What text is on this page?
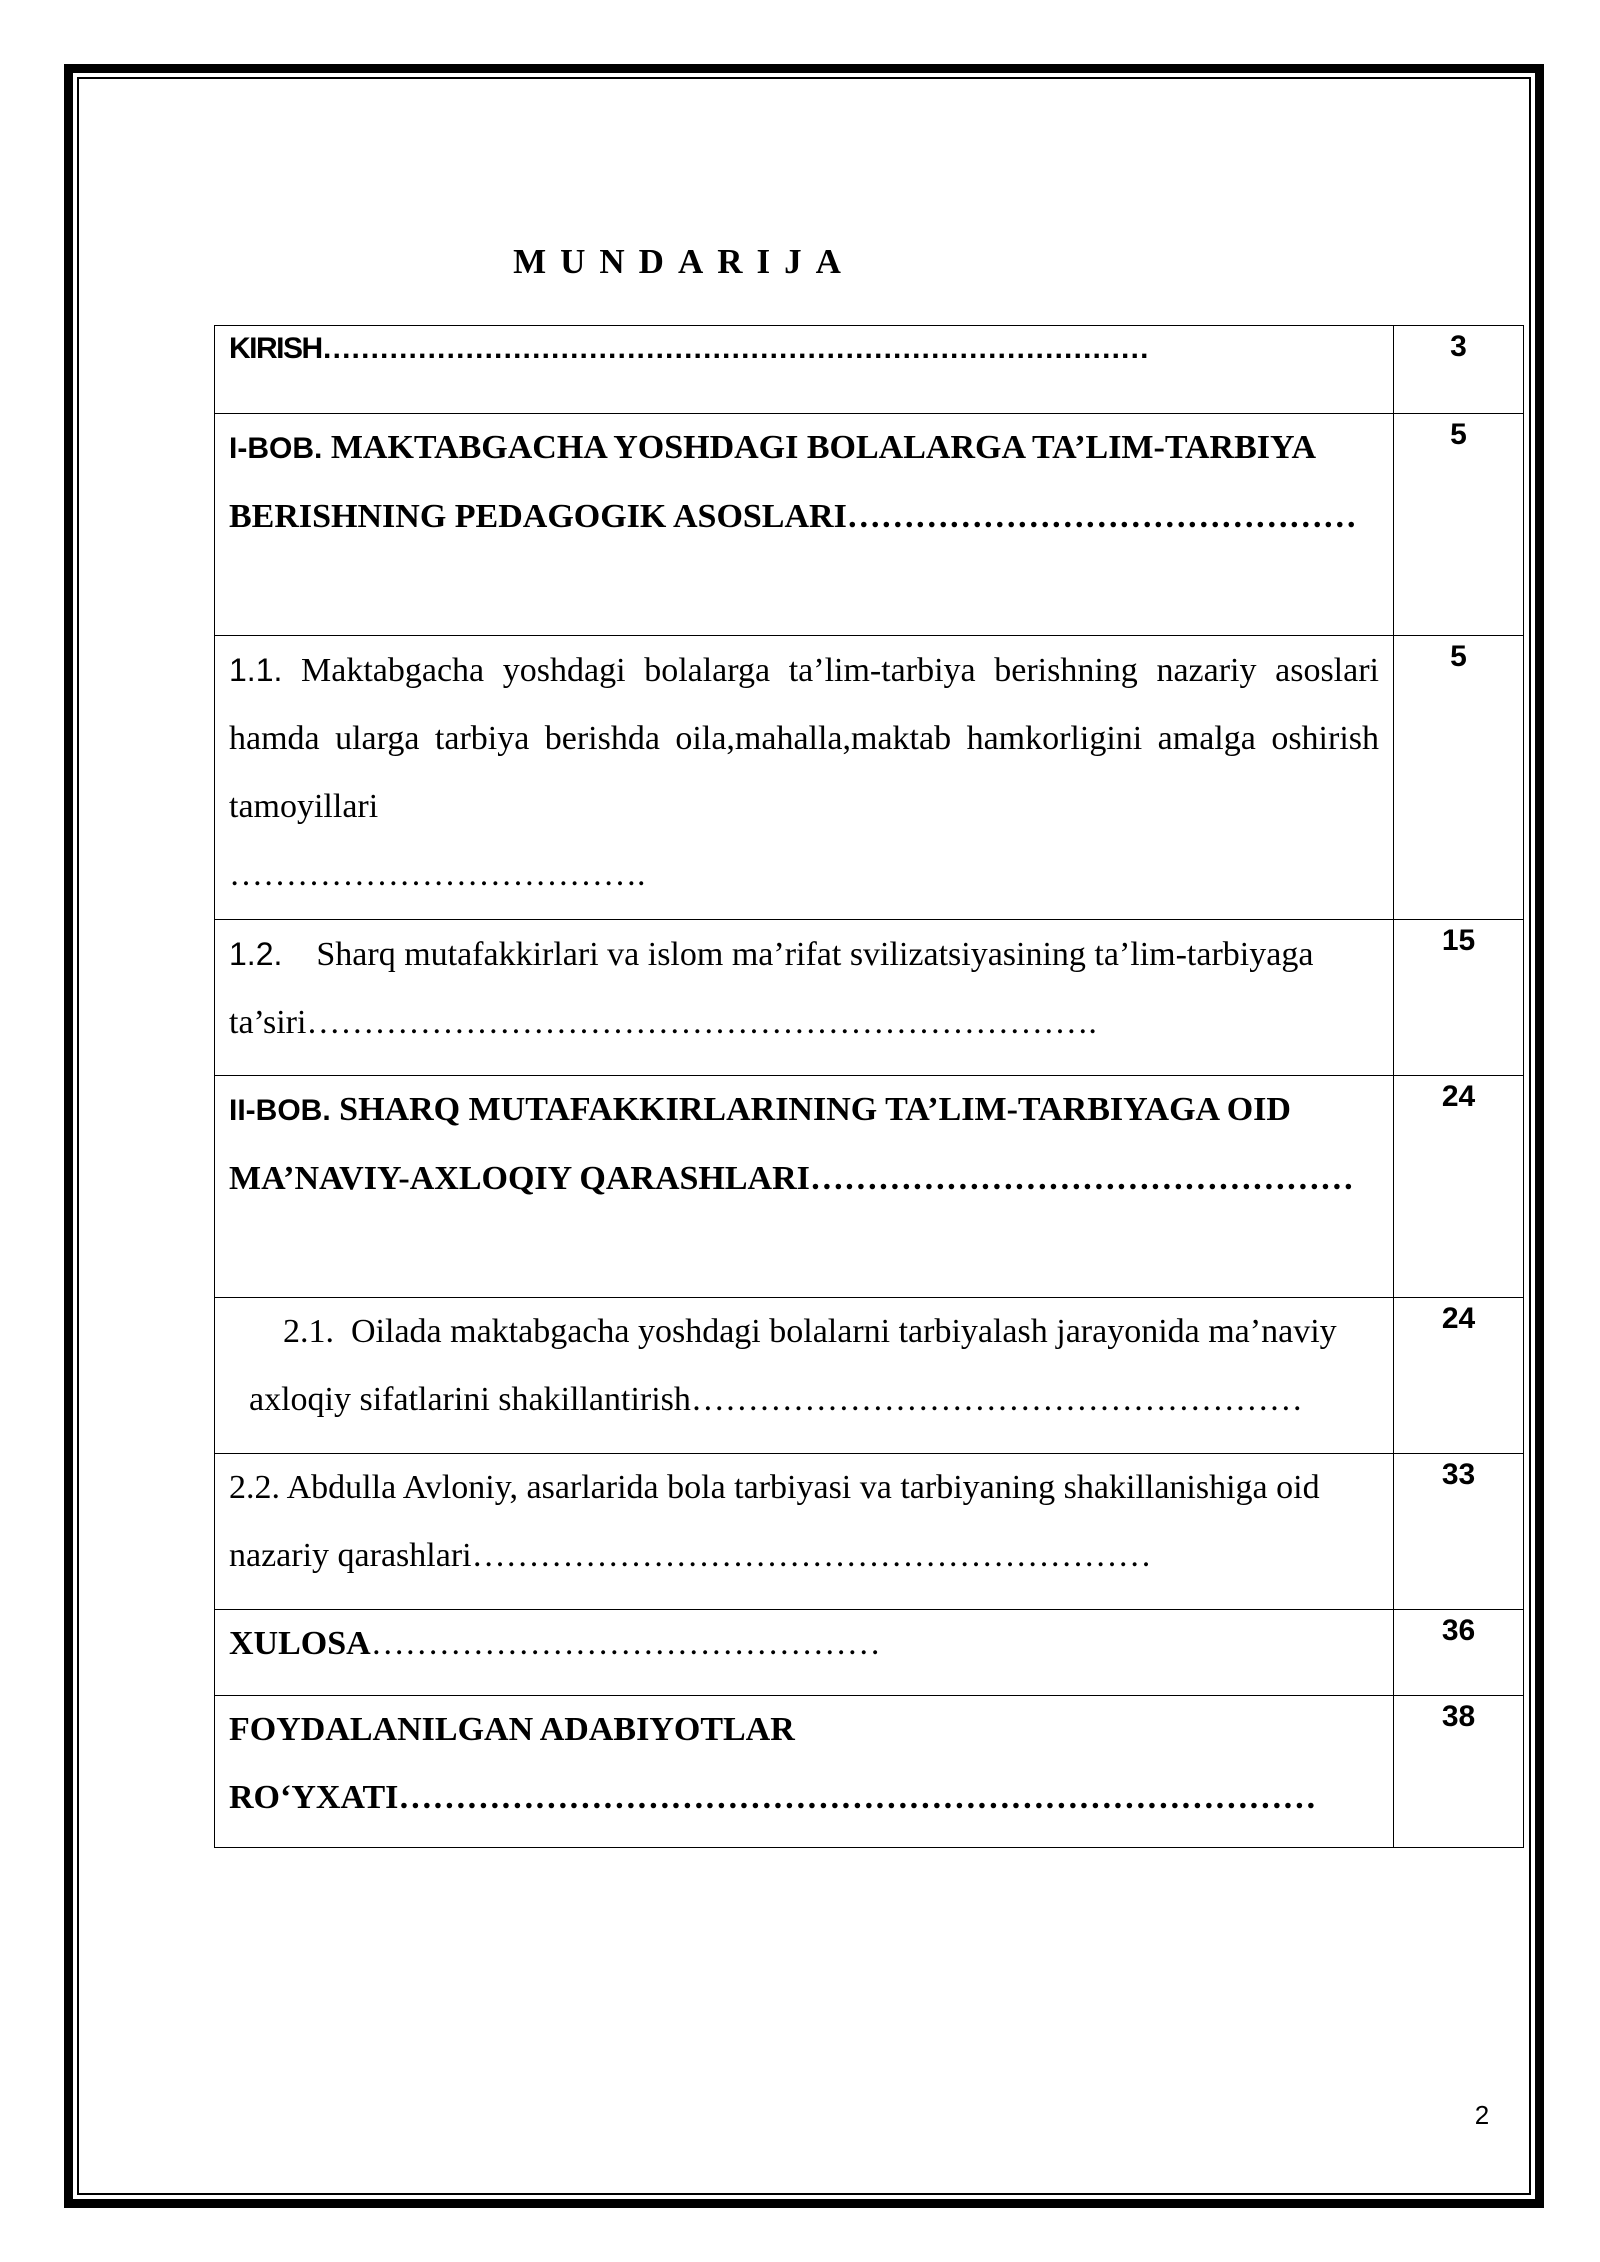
MUNDARIJA
KIRISH……………………………………………………………………………	3

I-BOB. MAKTABGACHA YOSHDAGI BOLALARGA TA’LIM-TARBIYA BERISHNING PEDAGOGIK ASOSLARI………………………………………	5

1.1. Maktabgacha yoshdagi bolalarga ta’lim-tarbiya berishning nazariy asoslari hamda ularga tarbiya berishda oila,mahalla,maktab hamkorligini amalga oshirish tamoyillari
……………………………….	5

1.2. Sharq mutafakkirlari va islom ma’rifat svilizatsiyasining ta’lim-tarbiyaga ta’siri…………………………………………………………….	15

II-BOB. SHARQ MUTAFAKKIRLARINING TA’LIM-TARBIYAGA OID MA’NAVIY-AXLOQIY QARASHLARI…………………………………………	24

2.1. Oilada maktabgacha yoshdagi bolalarni tarbiyalash jarayonida ma’naviy axloqiy sifatlarini shakillantirish………………………………………………	24

2.2. Abdulla Avloniy, asarlarida bola tarbiyasi va tarbiyaning shakillanishiga oid nazariy qarashlari……………………………………………………	33

XULOSA………………………………………	36

FOYDALANILGAN ADABIYOTLAR
RO‘YXATI………………………………………………………………………	38
2
